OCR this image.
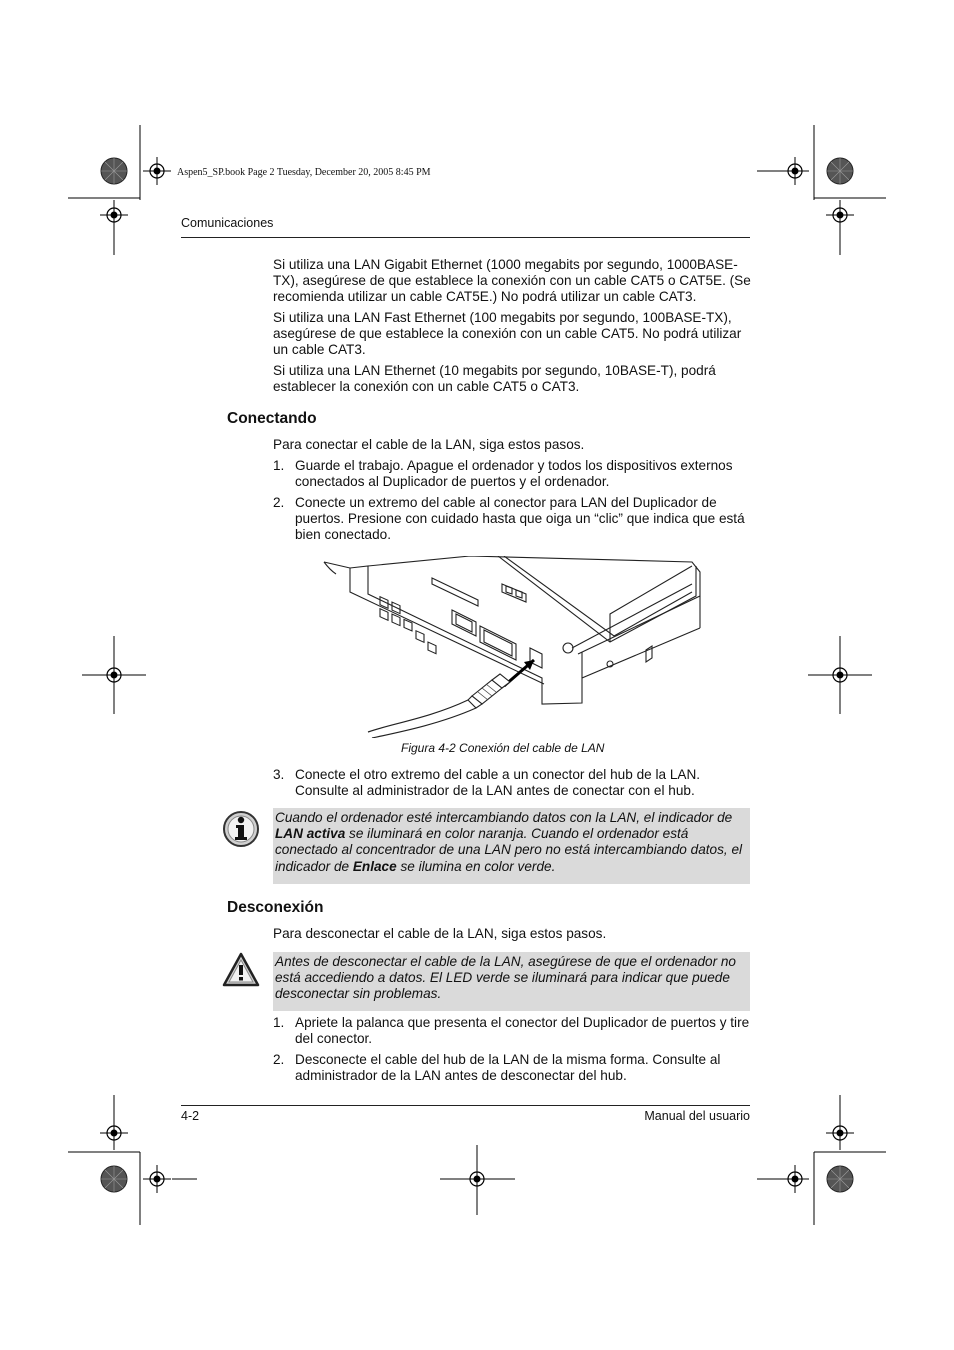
Aspen5_SP.book Page 2 Tuesday, December 20, 2005 8:45 PM
Comunicaciones
Si utiliza una LAN Gigabit Ethernet (1000 megabits por segundo, 1000BASE-TX), asegúrese de que establece la conexión con un cable CAT5 o CAT5E. (Se recomienda utilizar un cable CAT5E.) No podrá utilizar un cable CAT3.
Si utiliza una LAN Fast Ethernet (100 megabits por segundo, 100BASE-TX), asegúrese de que establece la conexión con un cable CAT5. No podrá utilizar un cable CAT3.
Si utiliza una LAN Ethernet (10 megabits por segundo, 10BASE-T), podrá establecer la conexión con un cable CAT5 o CAT3.
Conectando
Para conectar el cable de la LAN, siga estos pasos.
1. Guarde el trabajo. Apague el ordenador y todos los dispositivos externos conectados al Duplicador de puertos y el ordenador.
2. Conecte un extremo del cable al conector para LAN del Duplicador de puertos. Presione con cuidado hasta que oiga un “clic” que indica que está bien conectado.
Figura 4-2 Conexión del cable de LAN
3. Conecte el otro extremo del cable a un conector del hub de la LAN. Consulte al administrador de la LAN antes de conectar con el hub.
Cuando el ordenador esté intercambiando datos con la LAN, el indicador de LAN activa se iluminará en color naranja. Cuando el ordenador está conectado al concentrador de una LAN pero no está intercambiando datos, el indicador de Enlace se ilumina en color verde.
Desconexión
Para desconectar el cable de la LAN, siga estos pasos.
Antes de desconectar el cable de la LAN, asegúrese de que el ordenador no está accediendo a datos. El LED verde se iluminará para indicar que puede desconectar sin problemas.
1. Apriete la palanca que presenta el conector del Duplicador de puertos y tire del conector.
2. Desconecte el cable del hub de la LAN de la misma forma. Consulte al administrador de la LAN antes de desconectar del hub.
4-2	Manual del usuario
